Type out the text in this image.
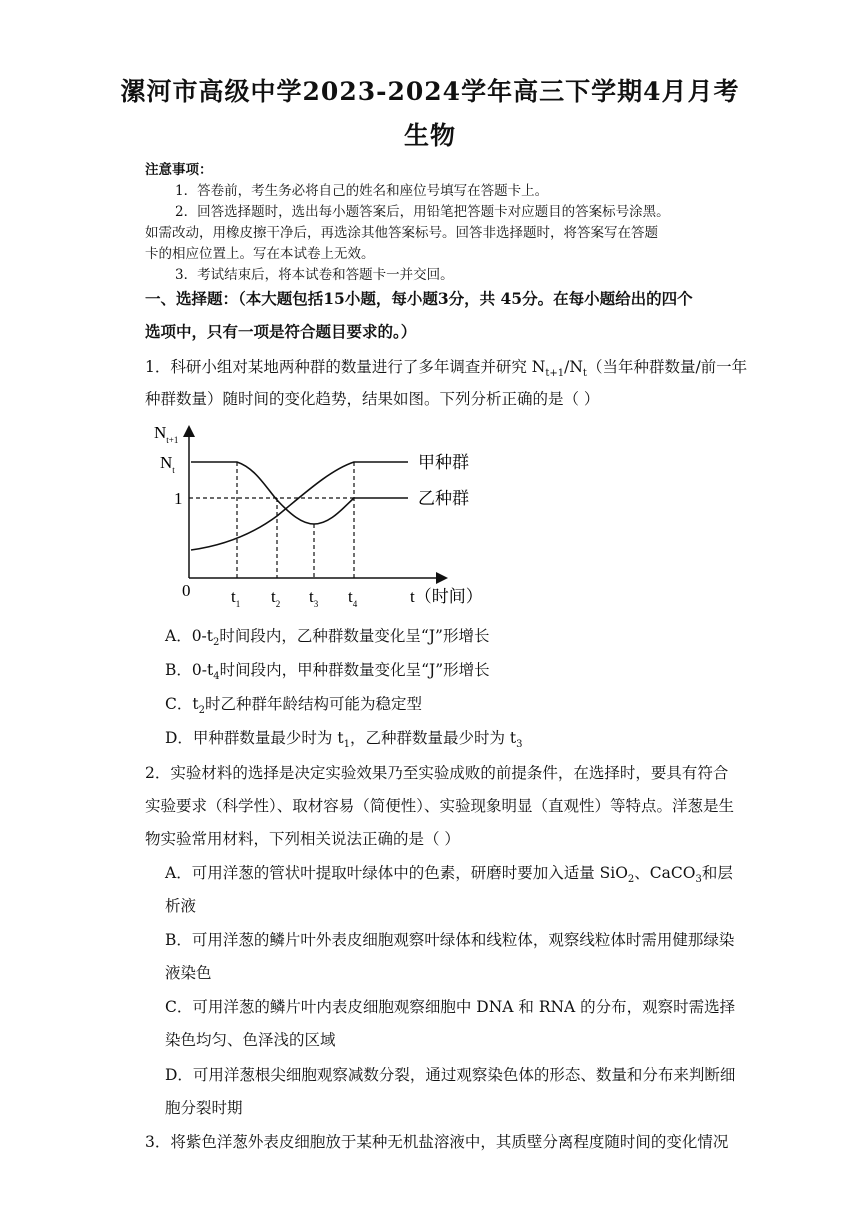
漯河市高级中学2023-2024学年高三下学期4月月考
生物
注意事项：
1．答卷前，考生务必将自己的姓名和座位号填写在答题卡上。
2．回答选择题时，选出每小题答案后，用铅笔把答题卡对应题目的答案标号涂黑。
如需改动，用橡皮擦干净后，再选涂其他答案标号。回答非选择题时，将答案写在答题
卡的相应位置上。写在本试卷上无效。
3．考试结束后，将本试卷和答题卡一并交回。
一、选择题：（本大题包括15小题，每小题3分，共 45分。在每小题给出的四个
选项中，只有一项是符合题目要求的。）
1．科研小组对某地两种群的数量进行了多年调查并研究 $N_{t+1}/N_t$（当年种群数量/前一年
种群数量）随时间的变化趋势，结果如图。下列分析正确的是（ ）
$N_{t+1}$
$N_t$
0
1
甲种群
乙种群
$t_1$ $t_2$ $t_3$ $t_4$	t（时间）
A．$0-t_2$时间段内，乙种群数量变化呈“J”形增长
B．$0-t_4$时间段内，甲种群数量变化呈“J”形增长
C．$t_2$时乙种群年龄结构可能为稳定型
D．甲种群数量最少时为 $t_1$，乙种群数量最少时为 $t_3$
2．实验材料的选择是决定实验效果乃至实验成败的前提条件，在选择时，要具有符合
实验要求（科学性）、取材容易（简便性）、实验现象明显（直观性）等特点。洋葱是生
物实验常用材料，下列相关说法正确的是（ ）
A．可用洋葱的管状叶提取叶绿体中的色素，研磨时要加入适量 SiO$_2$、CaCO$_3$和层
析液
B．可用洋葱的鳞片叶外表皮细胞观察叶绿体和线粒体，观察线粒体时需用健那绿染
液染色
C．可用洋葱的鳞片叶内表皮细胞观察细胞中 DNA 和 RNA 的分布，观察时需选择
染色均匀、色泽浅的区域
D．可用洋葱根尖细胞观察减数分裂，通过观察染色体的形态、数量和分布来判断细
胞分裂时期
3．将紫色洋葱外表皮细胞放于某种无机盐溶液中，其质壁分离程度随时间的变化情况
